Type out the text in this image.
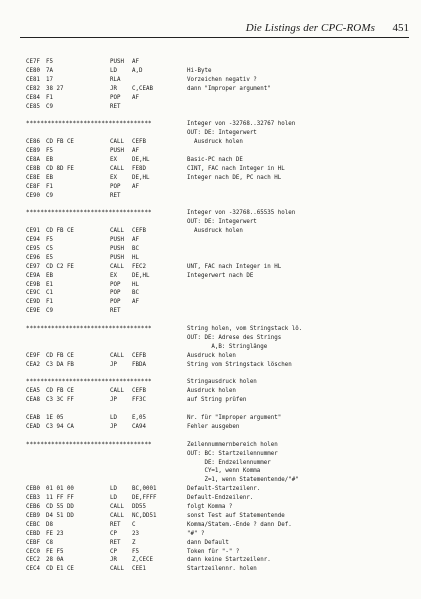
Die Listings der CPC-ROMs 451
CE7F F5	PUSH AF
CE80 7A	LD	A,D	Hi-Byte
CE81 17	RLA	Vorzeichen negativ ?
CE82 38 27	JR	C,CEAB	dann "Improper argument"
CE84 F1	POP AF
CE85 C9	RET
***********************************	Integer von -32768..32767 holen
OUT: DE: Integerwert
CE86 CD FB CE	CALL CEFB	Ausdruck holen
CE89 F5	PUSH AF
CE8A EB	EX	DE,HL	Basic-PC nach DE
CE8B CD 8D FE	CALL FE8D	CINT, FAC nach Integer in HL
CE8E EB	EX	DE,HL	Integer nach DE, PC nach HL
CE8F F1	POP AF
CE90 C9	RET
***********************************	Integer von -32768..65535 holen
OUT: DE: Integerwert
CE91 CD FB CE	CALL CEFB	Ausdruck holen
CE94 F5	PUSH AF
CE95 C5	PUSH BC
CE96 E5	PUSH HL
CE97 CD C2 FE	CALL FEC2	UNT, FAC nach Integer in HL
CE9A EB	EX	DE,HL	Integerwert nach DE
CE9B E1	POP HL
CE9C C1	POP BC
CE9D F1	POP AF
CE9E C9	RET
***********************************	String holen, vom Stringstack lö.
OUT: DE: Adrese des Strings
A,B: Stringlänge
CE9F CD FB CE	CALL CEFB	Ausdruck holen
CEA2 C3 DA FB	JP	FBDA	String vom Stringstack löschen
***********************************	Stringausdruck holen
CEA5 CD FB CE	CALL CEFB	Ausdruck holen
CEA8 C3 3C FF	JP	FF3C	auf String prüfen
CEAB 1E 05	LD	E,05	Nr. für "Improper argument"
CEAD C3 94 CA	JP	CA94	Fehler ausgeben
***********************************	Zeilennummernbereich holen
OUT: BC: Startzeilennummer
DE: Endzeilennummer
CY=1, wenn Komma
Z=1, wenn Statementende/"#"
CEB0 01 01 00	LD	BC,0001	Default-Startzeilenr.
CEB3 11 FF FF	LD	DE,FFFF	Default-Endzeilenr.
CEB6 CD 55 DD	CALL DD55	folgt Komma ?
CEB9 D4 51 DD	CALL NC,DD51	sonst Test auf Statementende
CEBC D8	RET C	Komma/Statem.-Ende ? dann Def.
CEBD FE 23	CP	23	"#" ?
CEBF C8	RET Z	dann Default
CEC0 FE F5	CP	F5	Token für "-" ?
CEC2 28 0A	JR	Z,CECE	dann keine Startzeilenr.
CEC4 CD E1 CE	CALL CEE1	Startzeilennr. holen
